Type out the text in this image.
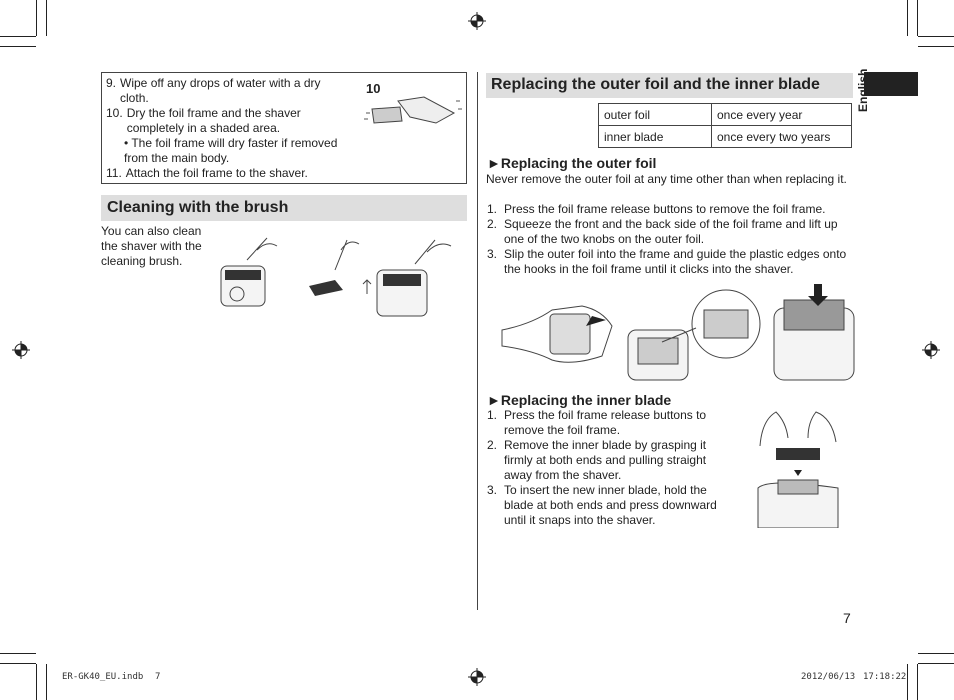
9. Wipe off any drops of water with a dry cloth.
10. Dry the foil frame and the shaver completely in a shaded area.
• The foil frame will dry faster if removed from the main body.
11. Attach the foil frame to the shaver.
10
Cleaning with the brush
You can also clean the shaver with the cleaning brush.
Replacing the outer foil and the inner blade
outer foil	once every year
inner blade	once every two years
►Replacing the outer foil
Never remove the outer foil at any time other than when replacing it.
1. Press the foil frame release buttons to remove the foil frame.
2. Squeeze the front and the back side of the foil frame and lift up one of the two knobs on the outer foil.
3. Slip the outer foil into the frame and guide the plastic edges onto the hooks in the foil frame until it clicks into the shaver.
►Replacing the inner blade
1. Press the foil frame release buttons to remove the foil frame.
2. Remove the inner blade by grasping it firmly at both ends and pulling straight away from the shaver.
3. To insert the new inner blade, hold the blade at both ends and press downward until it snaps into the shaver.
English
7
ER-GK40_EU.indb 7	2012/06/13 17:18:22
